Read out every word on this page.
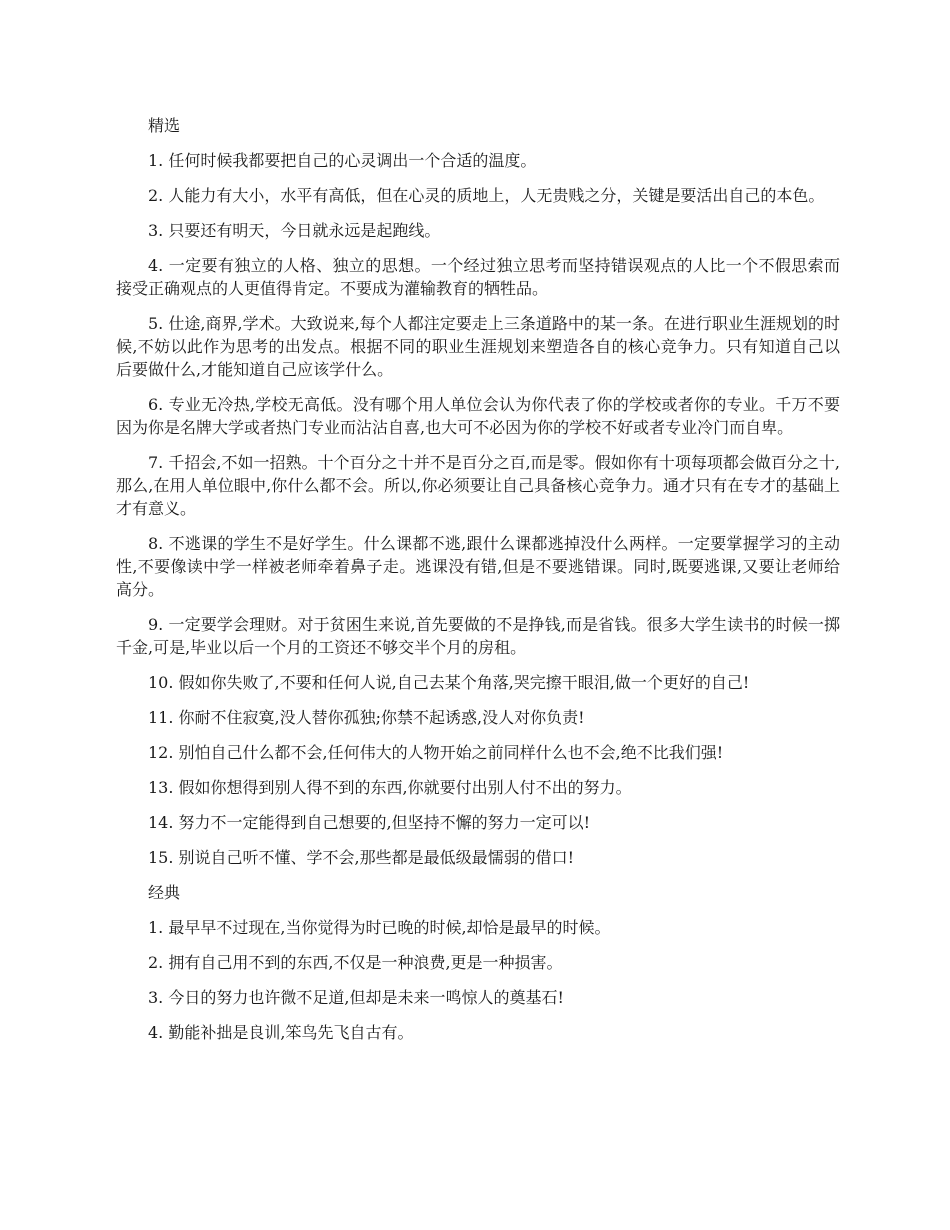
精选

1. 任何时候我都要把自己的心灵调出一个合适的温度。

2. 人能力有大小，水平有高低，但在心灵的质地上，人无贵贱之分，关键是要活出自己的本色。

3. 只要还有明天，今日就永远是起跑线。

4. 一定要有独立的人格、独立的思想。一个经过独立思考而坚持错误观点的人比一个不假思索而接受正确观点的人更值得肯定。不要成为灌输教育的牺牲品。

5. 仕途,商界,学术。大致说来,每个人都注定要走上三条道路中的某一条。在进行职业生涯规划的时候,不妨以此作为思考的出发点。根据不同的职业生涯规划来塑造各自的核心竞争力。只有知道自己以后要做什么,才能知道自己应该学什么。

6. 专业无冷热,学校无高低。没有哪个用人单位会认为你代表了你的学校或者你的专业。千万不要因为你是名牌大学或者热门专业而沾沾自喜,也大可不必因为你的学校不好或者专业冷门而自卑。

7. 千招会,不如一招熟。十个百分之十并不是百分之百,而是零。假如你有十项每项都会做百分之十,那么,在用人单位眼中,你什么都不会。所以,你必须要让自己具备核心竞争力。通才只有在专才的基础上才有意义。

8. 不逃课的学生不是好学生。什么课都不逃,跟什么课都逃掉没什么两样。一定要掌握学习的主动性,不要像读中学一样被老师牵着鼻子走。逃课没有错,但是不要逃错课。同时,既要逃课,又要让老师给高分。

9. 一定要学会理财。对于贫困生来说,首先要做的不是挣钱,而是省钱。很多大学生读书的时候一掷千金,可是,毕业以后一个月的工资还不够交半个月的房租。

10. 假如你失败了,不要和任何人说,自己去某个角落,哭完擦干眼泪,做一个更好的自己!

11. 你耐不住寂寞,没人替你孤独;你禁不起诱惑,没人对你负责!

12. 别怕自己什么都不会,任何伟大的人物开始之前同样什么也不会,绝不比我们强!

13. 假如你想得到别人得不到的东西,你就要付出别人付不出的努力。

14. 努力不一定能得到自己想要的,但坚持不懈的努力一定可以!

15. 别说自己听不懂、学不会,那些都是最低级最懦弱的借口!

经典

1. 最早早不过现在,当你觉得为时已晚的时候,却恰是最早的时候。

2. 拥有自己用不到的东西,不仅是一种浪费,更是一种损害。

3. 今日的努力也许微不足道,但却是未来一鸣惊人的奠基石!

4. 勤能补拙是良训,笨鸟先飞自古有。
